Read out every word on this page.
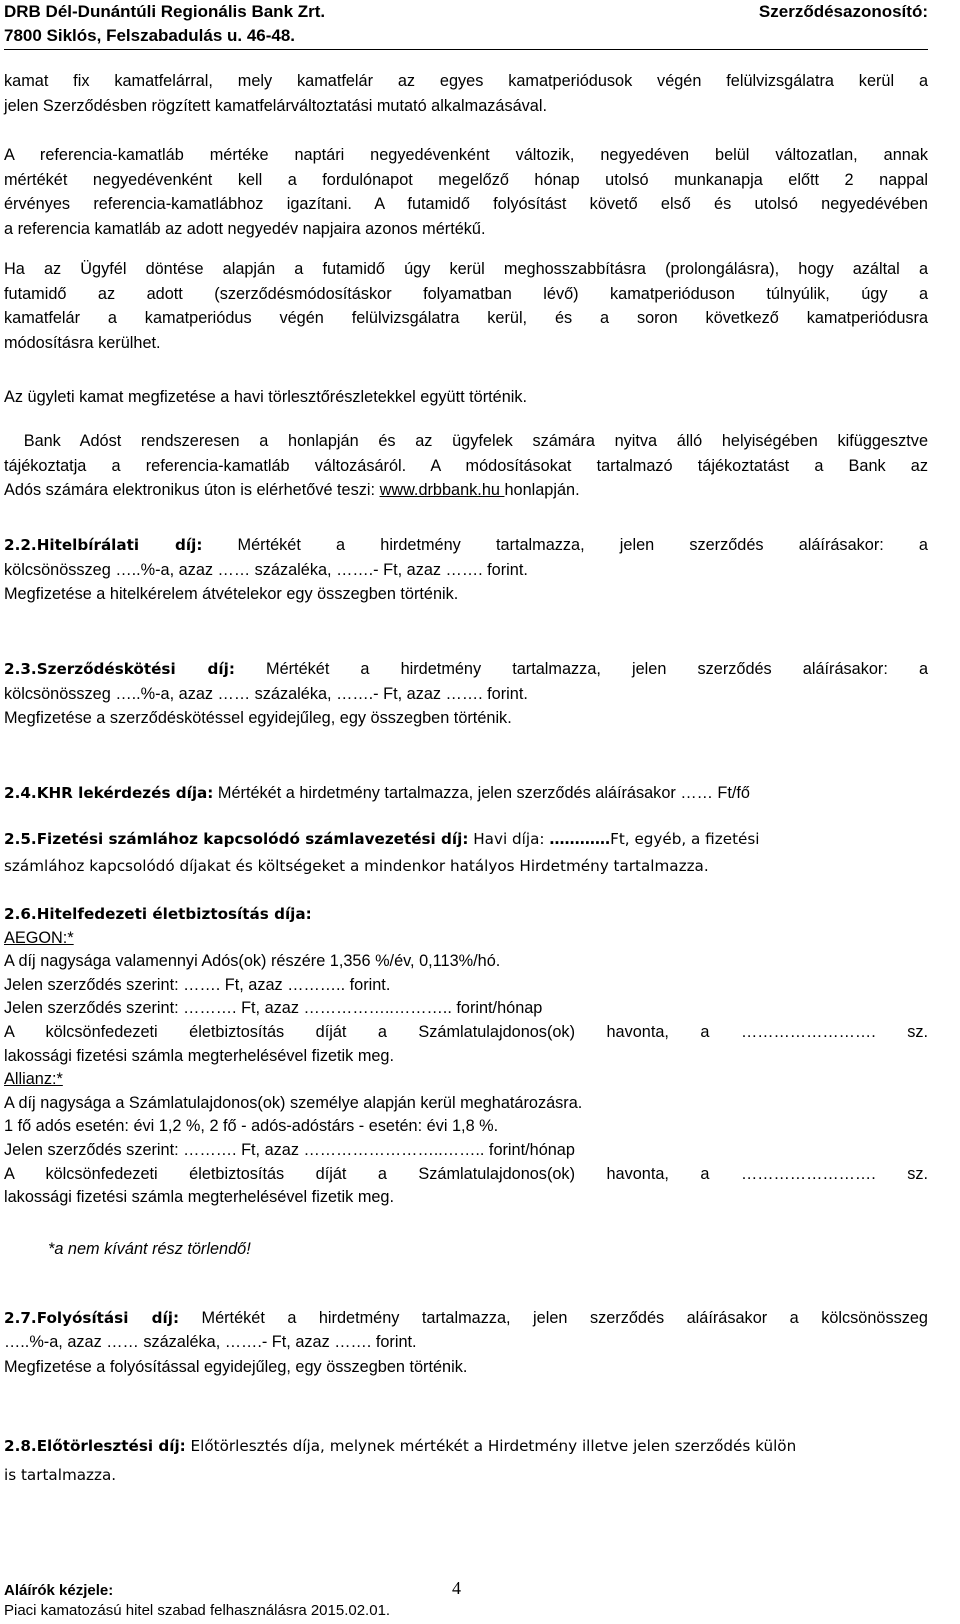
DRB Dél-Dunántúli Regionális Bank Zrt.	Szerződésazonosító:
7800 Siklós, Felszabadulás u. 46-48.
kamat fix kamatfelárral, mely kamatfelár az egyes kamatperiódusok végén felülvizsgálatra kerül a
jelen Szerződésben rögzített kamatfelárváltoztatási mutató alkalmazásával.
A referencia-kamatláb mértéke naptári negyedévenként változik, negyedéven belül változatlan, annak
mértékét negyedévenként kell a fordulónapot megelőző hónap utolsó munkanapja előtt 2 nappal
érvényes referencia-kamatlábhoz igazítani. A futamidő folyósítást követő első és utolsó negyedévében
a referencia kamatláb az adott negyedév napjaira azonos mértékű.
Ha az Ügyfél döntése alapján a futamidő úgy kerül meghosszabbításra (prolongálásra), hogy azáltal a
futamidő az adott (szerződésmódosításkor folyamatban lévő) kamatperióduson túlnyúlik, úgy a
kamatfelár a kamatperiódus végén felülvizsgálatra kerül, és a soron következő kamatperiódusra
módosításra kerülhet.
Az ügyleti kamat megfizetése a havi törlesztőrészletekkel együtt történik.
Bank Adóst rendszeresen a honlapján és az ügyfelek számára nyitva álló helyiségében kifüggesztve
tájékoztatja a referencia-kamatláb változásáról. A módosításokat tartalmazó tájékoztatást a Bank az
Adós számára elektronikus úton is elérhetővé teszi: www.drbbank.hu honlapján.
2.2.Hitelbírálati díj: Mértékét a hirdetmény tartalmazza, jelen szerződés aláírásakor: a
kölcsönösszeg …..%-a, azaz …… százaléka, …….- Ft, azaz ……. forint.
Megfizetése a hitelkérelem átvételekor egy összegben történik.
2.3.Szerződéskötési díj: Mértékét a hirdetmény tartalmazza, jelen szerződés aláírásakor: a
kölcsönösszeg …..%-a, azaz …… százaléka, …….- Ft, azaz ……. forint.
Megfizetése a szerződéskötéssel egyidejűleg, egy összegben történik.
2.4.KHR lekérdezés díja: Mértékét a hirdetmény tartalmazza, jelen szerződés aláírásakor …… Ft/fő
2.5.Fizetési számlához kapcsolódó számlavezetési díj: Havi díja: …………Ft, egyéb, a fizetési
számlához kapcsolódó díjakat és költségeket a mindenkor hatályos Hirdetmény tartalmazza.
2.6.Hitelfedezeti életbiztosítás díja:
AEGON:*
A díj nagysága valamennyi Adós(ok) részére 1,356 %/év, 0,113%/hó.
Jelen szerződés szerint: ……. Ft, azaz ……….. forint.
Jelen szerződés szerint: ………. Ft, azaz ……………..……….. forint/hónap
A kölcsönfedezeti életbiztosítás díját a Számlatulajdonos(ok) havonta, a ……………………. sz.
lakossági fizetési számla megterhelésével fizetik meg.
Allianz:*
A díj nagysága a Számlatulajdonos(ok) személye alapján kerül meghatározásra.
1 fő adós esetén: évi 1,2 %, 2 fő - adós-adóstárs - esetén: évi 1,8 %.
Jelen szerződés szerint: ………. Ft, azaz ……………………..…….. forint/hónap
A kölcsönfedezeti életbiztosítás díját a Számlatulajdonos(ok) havonta, a ……………………. sz.
lakossági fizetési számla megterhelésével fizetik meg.
*a nem kívánt rész törlendő!
2.7.Folyósítási díj: Mértékét a hirdetmény tartalmazza, jelen szerződés aláírásakor a kölcsönösszeg
…..%-a, azaz …… százaléka, …….- Ft, azaz ……. forint.
Megfizetése a folyósítással egyidejűleg, egy összegben történik.
2.8.Előtörlesztési díj: Előtörlesztés díja, melynek mértékét a Hirdetmény illetve jelen szerződés külön
is tartalmazza.
Aláírók kézjele:
Piaci kamatozású hitel szabad felhasználásra 2015.02.01.
4
